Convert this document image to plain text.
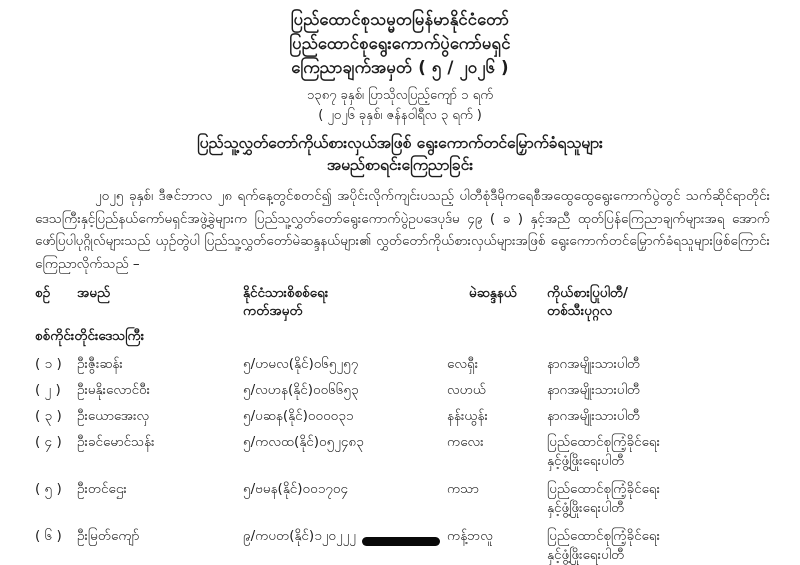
ပြည်ထောင်စုသမ္မတမြန်မာနိုင်ငံတော်
ပြည်ထောင်စုရွေးကောက်ပွဲကော်မရှင်
ကြေညာချက်အမှတ် ( ၅ / ၂၀၂၆ )
၁၃၈၇ ခုနှစ်၊ ပြာသိုလပြည့်ကျော် ၁ ရက်
( ၂၀၂၆ ခုနှစ်၊ ဇန်နဝါရီလ ၃ ရက် )
ပြည်သူ့လွှတ်တော်ကိုယ်စားလှယ်အဖြစ် ရွေးကောက်တင်မြှောက်ခံရသူများ
အမည်စာရင်းကြေညာခြင်း
၂၀၂၅ ခုနှစ်၊ ဒီဇင်ဘာလ ၂၈ ရက်နေ့တွင်စတင်၍ အပိုင်းလိုက်ကျင်းပသည့် ပါတီစုံဒီမိုကရေစီအထွေထွေရွေးကောက်ပွဲတွင် သက်ဆိုင်ရာတိုင်းဒေသကြီးနှင့်ပြည်နယ်ကော်မရှင်အဖွဲ့ခွဲများက ပြည်သူ့လွှတ်တော်ရွေးကောက်ပွဲဥပဒေပုဒ်မ ၄၉ ( ခ ) နှင့်အညီ ထုတ်ပြန်ကြေညာချက်များအရ အောက်ဖော်ပြပါပုဂ္ဂိုလ်များသည် ယှဉ်တွဲပါ ပြည်သူ့လွှတ်တော်မဲဆန္ဒနယ်များ၏ လွှတ်တော်ကိုယ်စားလှယ်များအဖြစ် ရွေးကောက်တင်မြှောက်ခံရသူများဖြစ်ကြောင်း ကြေညာလိုက်သည် –
စဉ်	အမည်	နိုင်ငံသားစိစစ်ရေး
ကတ်အမှတ်
မဲဆန္ဒနယ်	ကိုယ်စားပြုပါတီ/
တစ်သီးပုဂ္ဂလ
စစ်ကိုင်းတိုင်းဒေသကြီး
( ၁ )	ဦးဇွီးဆန်း	၅/ဟမလ(နိုင်)၀၆၅၂၅၇	လေရှီး	နာဂအမျိုးသားပါတီ
( ၂ )	ဦးမနိုးလောင်ဝီး	၅/လဟန(နိုင်)၀၀၆၆၅၃	လဟယ်	နာဂအမျိုးသားပါတီ
( ၃ )	ဦးယောအေးလှ	၅/ပဆန(နိုင်)၀၀၀၀၃၁	နန်းယွန်း	နာဂအမျိုးသားပါတီ
( ၄ )	ဦးခင်မောင်သန်း	၅/ကလထ(နိုင်)၀၅၂၄၈၃	ကလေး	ပြည်ထောင်စုကြံ့ခိုင်ရေး
နှင့်ဖွံ့ဖြိုးရေးပါတီ
( ၅ )	ဦးတင်ဌေး	၅/ဗမန(နိုင်)၀၀၁၇၀၄	ကသာ	ပြည်ထောင်စုကြံ့ခိုင်ရေး
နှင့်ဖွံ့ဖြိုးရေးပါတီ
( ၆ )	ဦးမြတ်ကျော်	၉/ကပတ(နိုင်)၁၂၀၂၂၂	ကန့်ဘလူ	ပြည်ထောင်စုကြံ့ခိုင်ရေး
နှင့်ဖွံ့ဖြိုးရေးပါတီ
